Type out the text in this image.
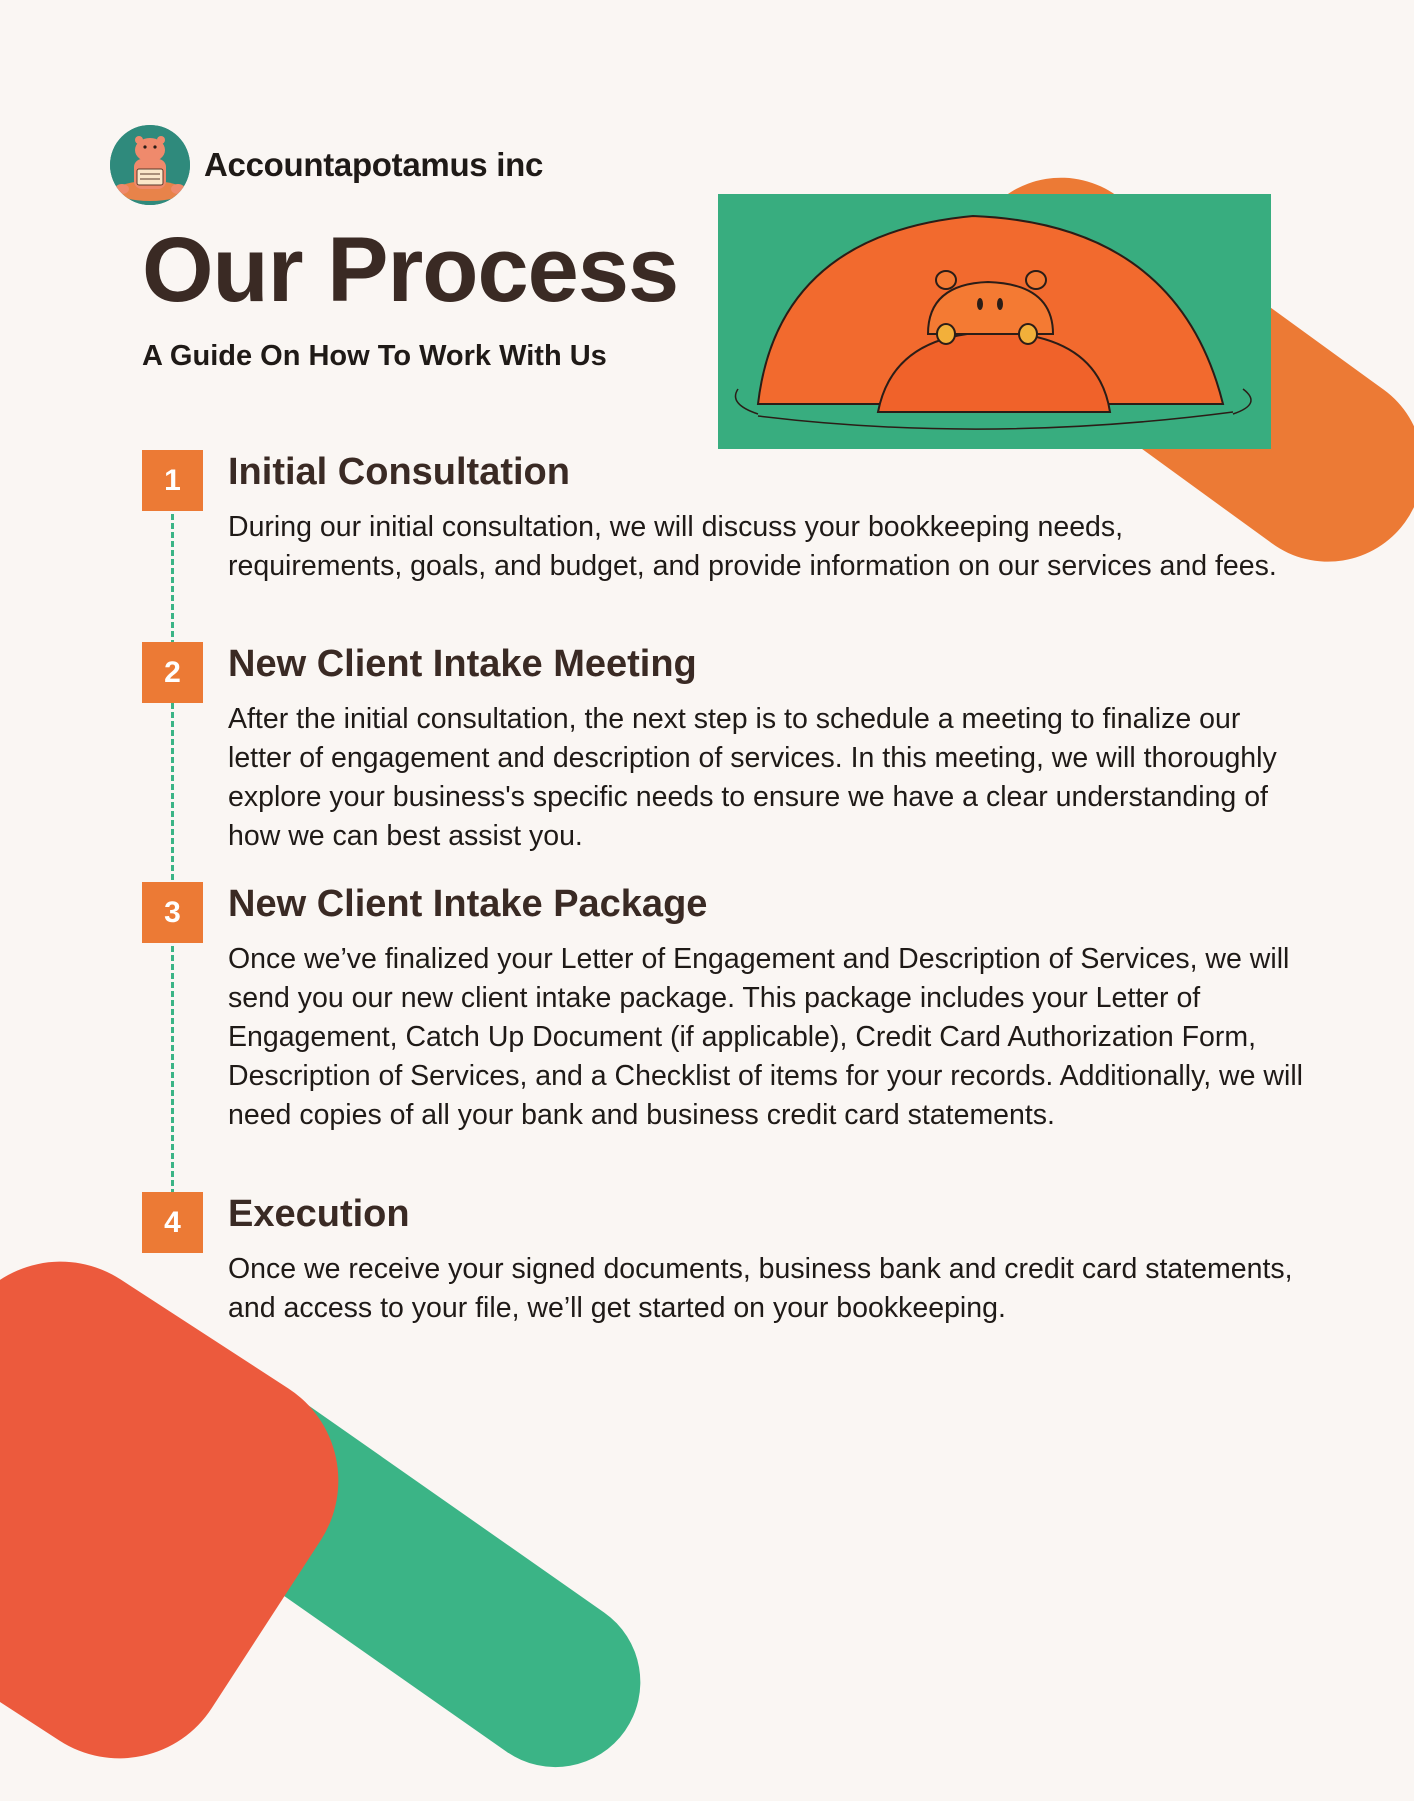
Accountapotamus inc
Our Process

A Guide On How To Work With Us

1	Initial Consultation

During our initial consultation, we will discuss your bookkeeping needs, requirements, goals, and budget, and provide information on our services and fees.

2	New Client Intake Meeting

After the initial consultation, the next step is to schedule a meeting to finalize our letter of engagement and description of services. In this meeting, we will thoroughly explore your business's specific needs to ensure we have a clear understanding of how we can best assist you.

3	New Client Intake Package

Once we’ve finalized your Letter of Engagement and Description of Services, we will send you our new client intake package. This package includes your Letter of Engagement, Catch Up Document (if applicable), Credit Card Authorization Form, Description of Services, and a Checklist of items for your records. Additionally, we will need copies of all your bank and business credit card statements.

4	Execution

Once we receive your signed documents, business bank and credit card statements, and access to your file, we’ll get started on your bookkeeping.
